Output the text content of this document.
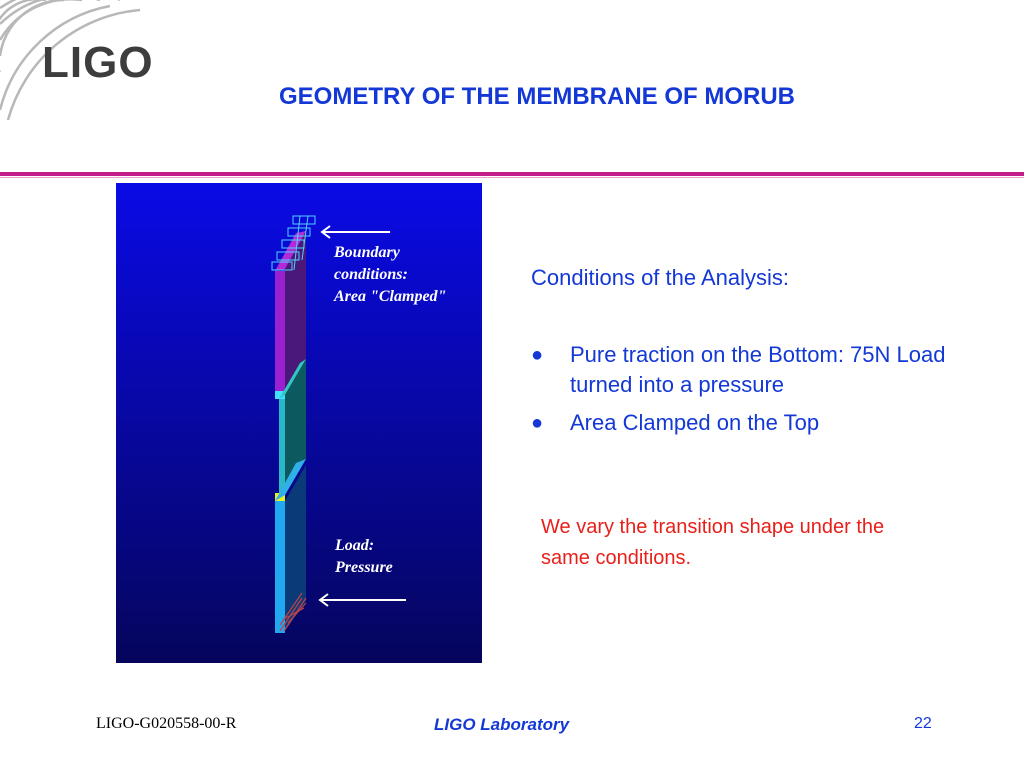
LIGO
GEOMETRY OF THE MEMBRANE OF MORUB
Boundary
conditions:
Area "Clamped"
Load:
Pressure
Conditions of the Analysis:
● Pure traction on the Bottom: 75N Load turned into a pressure
● Area Clamped on the Top
We vary the transition shape under the same conditions.
LIGO-G020558-00-R	LIGO Laboratory	22
